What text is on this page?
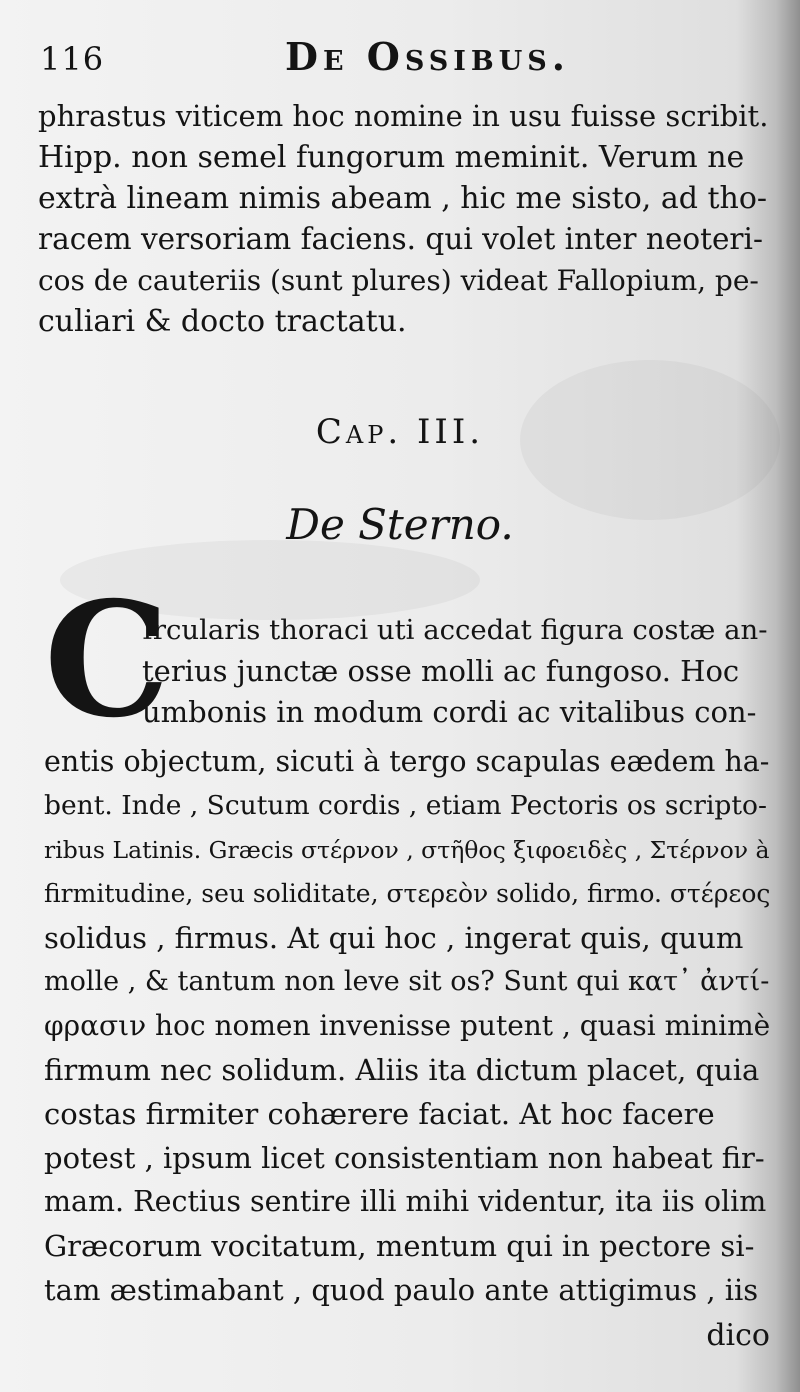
116	De Ossibus.
phrastus viticem hoc nomine in usu fuisse scribit.
Hipp. non semel fungorum meminit. Verum ne
extrà lineam nimis abeam , hic me sisto, ad tho-
racem versoriam faciens. qui volet inter neoteri-
cos de cauteriis (sunt plures) videat Fallopium, pe-
culiari & docto tractatu.
Cap. III.
De Sterno.
C
Ircularis thoraci uti accedat figura costæ an-
terius junctæ osse molli ac fungoso. Hoc
umbonis in modum cordi ac vitalibus con-
entis objectum, sicuti à tergo scapulas eædem ha-
bent. Inde , Scutum cordis , etiam Pectoris os scripto-
ribus Latinis. Græcis στέρνον , στῆθος ξιφοειδὲς , Στέρνον à
firmitudine, seu soliditate, στερεὸν solido, firmo. στέρεος
solidus , firmus. At qui hoc , ingerat quis, quum
molle , & tantum non leve sit os? Sunt qui κατ᾽ ἀντί-
φρασιν hoc nomen invenisse putent , quasi minimè
firmum nec solidum. Aliis ita dictum placet, quia
costas firmiter cohærere faciat. At hoc facere
potest , ipsum licet consistentiam non habeat fir-
mam. Rectius sentire illi mihi videntur, ita iis olim
Græcorum vocitatum, mentum qui in pectore si-
tam æstimabant , quod paulo ante attigimus , iis
dico
